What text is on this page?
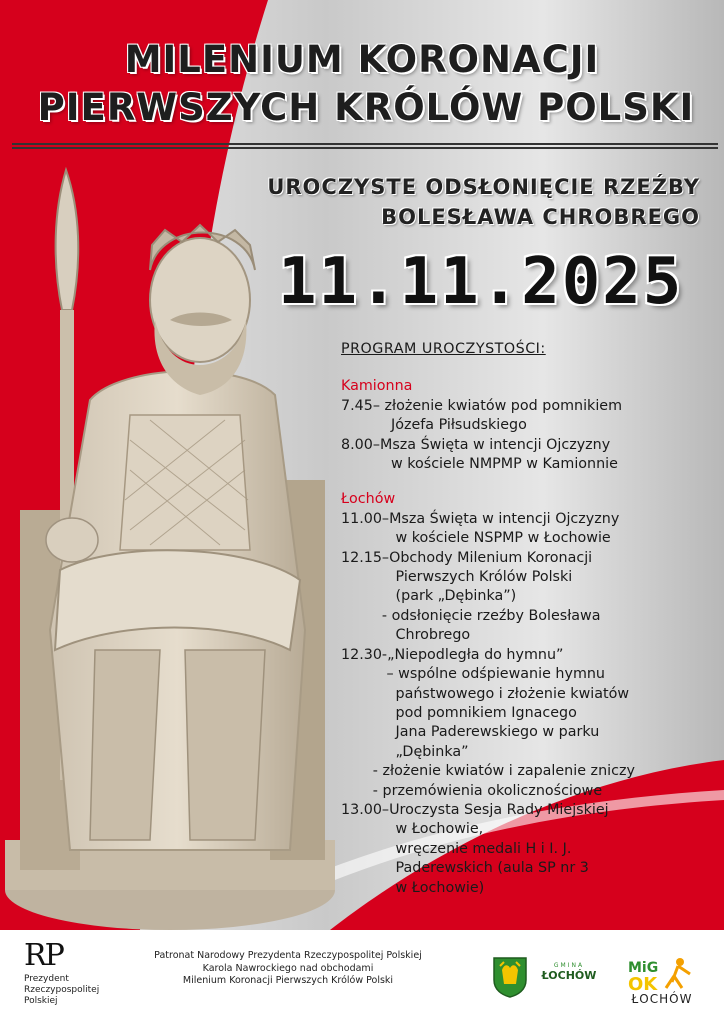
MILENIUM KORONACJI
PIERWSZYCH KRÓLÓW POLSKI
UROCZYSTE ODSŁONIĘCIE RZEŹBY
BOLESŁAWA CHROBREGO
11.11.2025
PROGRAM UROCZYSTOŚCI:
Kamionna
7.45– złożenie kwiatów pod pomnikiem
Józefa Piłsudskiego
8.00–Msza Święta w intencji Ojczyzny
w kościele NMPMP w Kamionnie
Łochów
11.00–Msza Święta w intencji Ojczyzny
w kościele NSPMP w Łochowie
12.15–Obchody Milenium Koronacji
Pierwszych Królów Polski
(park „Dębinka”)
- odsłonięcie rzeźby Bolesława
Chrobrego
12.30-„Niepodległa do hymnu”
– wspólne odśpiewanie hymnu
państwowego i złożenie kwiatów
pod pomnikiem Ignacego
Jana Paderewskiego w parku
„Dębinka”
- złożenie kwiatów i zapalenie zniczy
- przemówienia okolicznościowe
13.00–Uroczysta Sesja Rady Miejskiej
w Łochowie,
wręczenie medali H i I. J.
Paderewskich (aula SP nr 3
w Łochowie)
RP
Prezydent
Rzeczypospolitej
Polskiej
Patronat Narodowy Prezydenta Rzeczypospolitej Polskiej
Karola Nawrockiego nad obchodami
Milenium Koronacji Pierwszych Królów Polski
GMINA
ŁOCHÓW	MiG
OK
ŁOCHÓW
